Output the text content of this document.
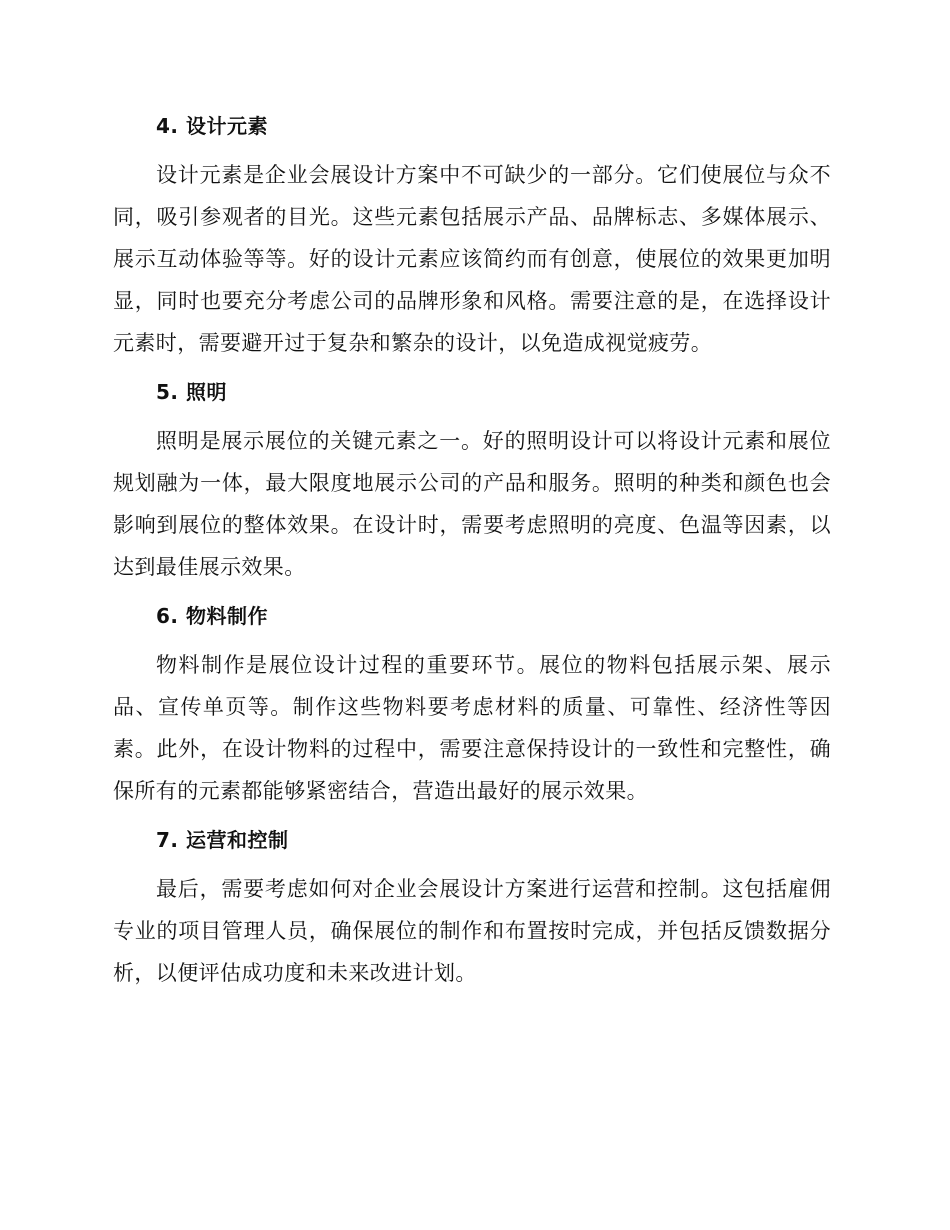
4. 设计元素

设计元素是企业会展设计方案中不可缺少的一部分。它们使展位与众不同，吸引参观者的目光。这些元素包括展示产品、品牌标志、多媒体展示、展示互动体验等等。好的设计元素应该简约而有创意，使展位的效果更加明显，同时也要充分考虑公司的品牌形象和风格。需要注意的是，在选择设计元素时，需要避开过于复杂和繁杂的设计，以免造成视觉疲劳。

5. 照明

照明是展示展位的关键元素之一。好的照明设计可以将设计元素和展位规划融为一体，最大限度地展示公司的产品和服务。照明的种类和颜色也会影响到展位的整体效果。在设计时，需要考虑照明的亮度、色温等因素，以达到最佳展示效果。

6. 物料制作

物料制作是展位设计过程的重要环节。展位的物料包括展示架、展示品、宣传单页等。制作这些物料要考虑材料的质量、可靠性、经济性等因素。此外，在设计物料的过程中，需要注意保持设计的一致性和完整性，确保所有的元素都能够紧密结合，营造出最好的展示效果。

7. 运营和控制

最后，需要考虑如何对企业会展设计方案进行运营和控制。这包括雇佣专业的项目管理人员，确保展位的制作和布置按时完成，并包括反馈数据分析，以便评估成功度和未来改进计划。
